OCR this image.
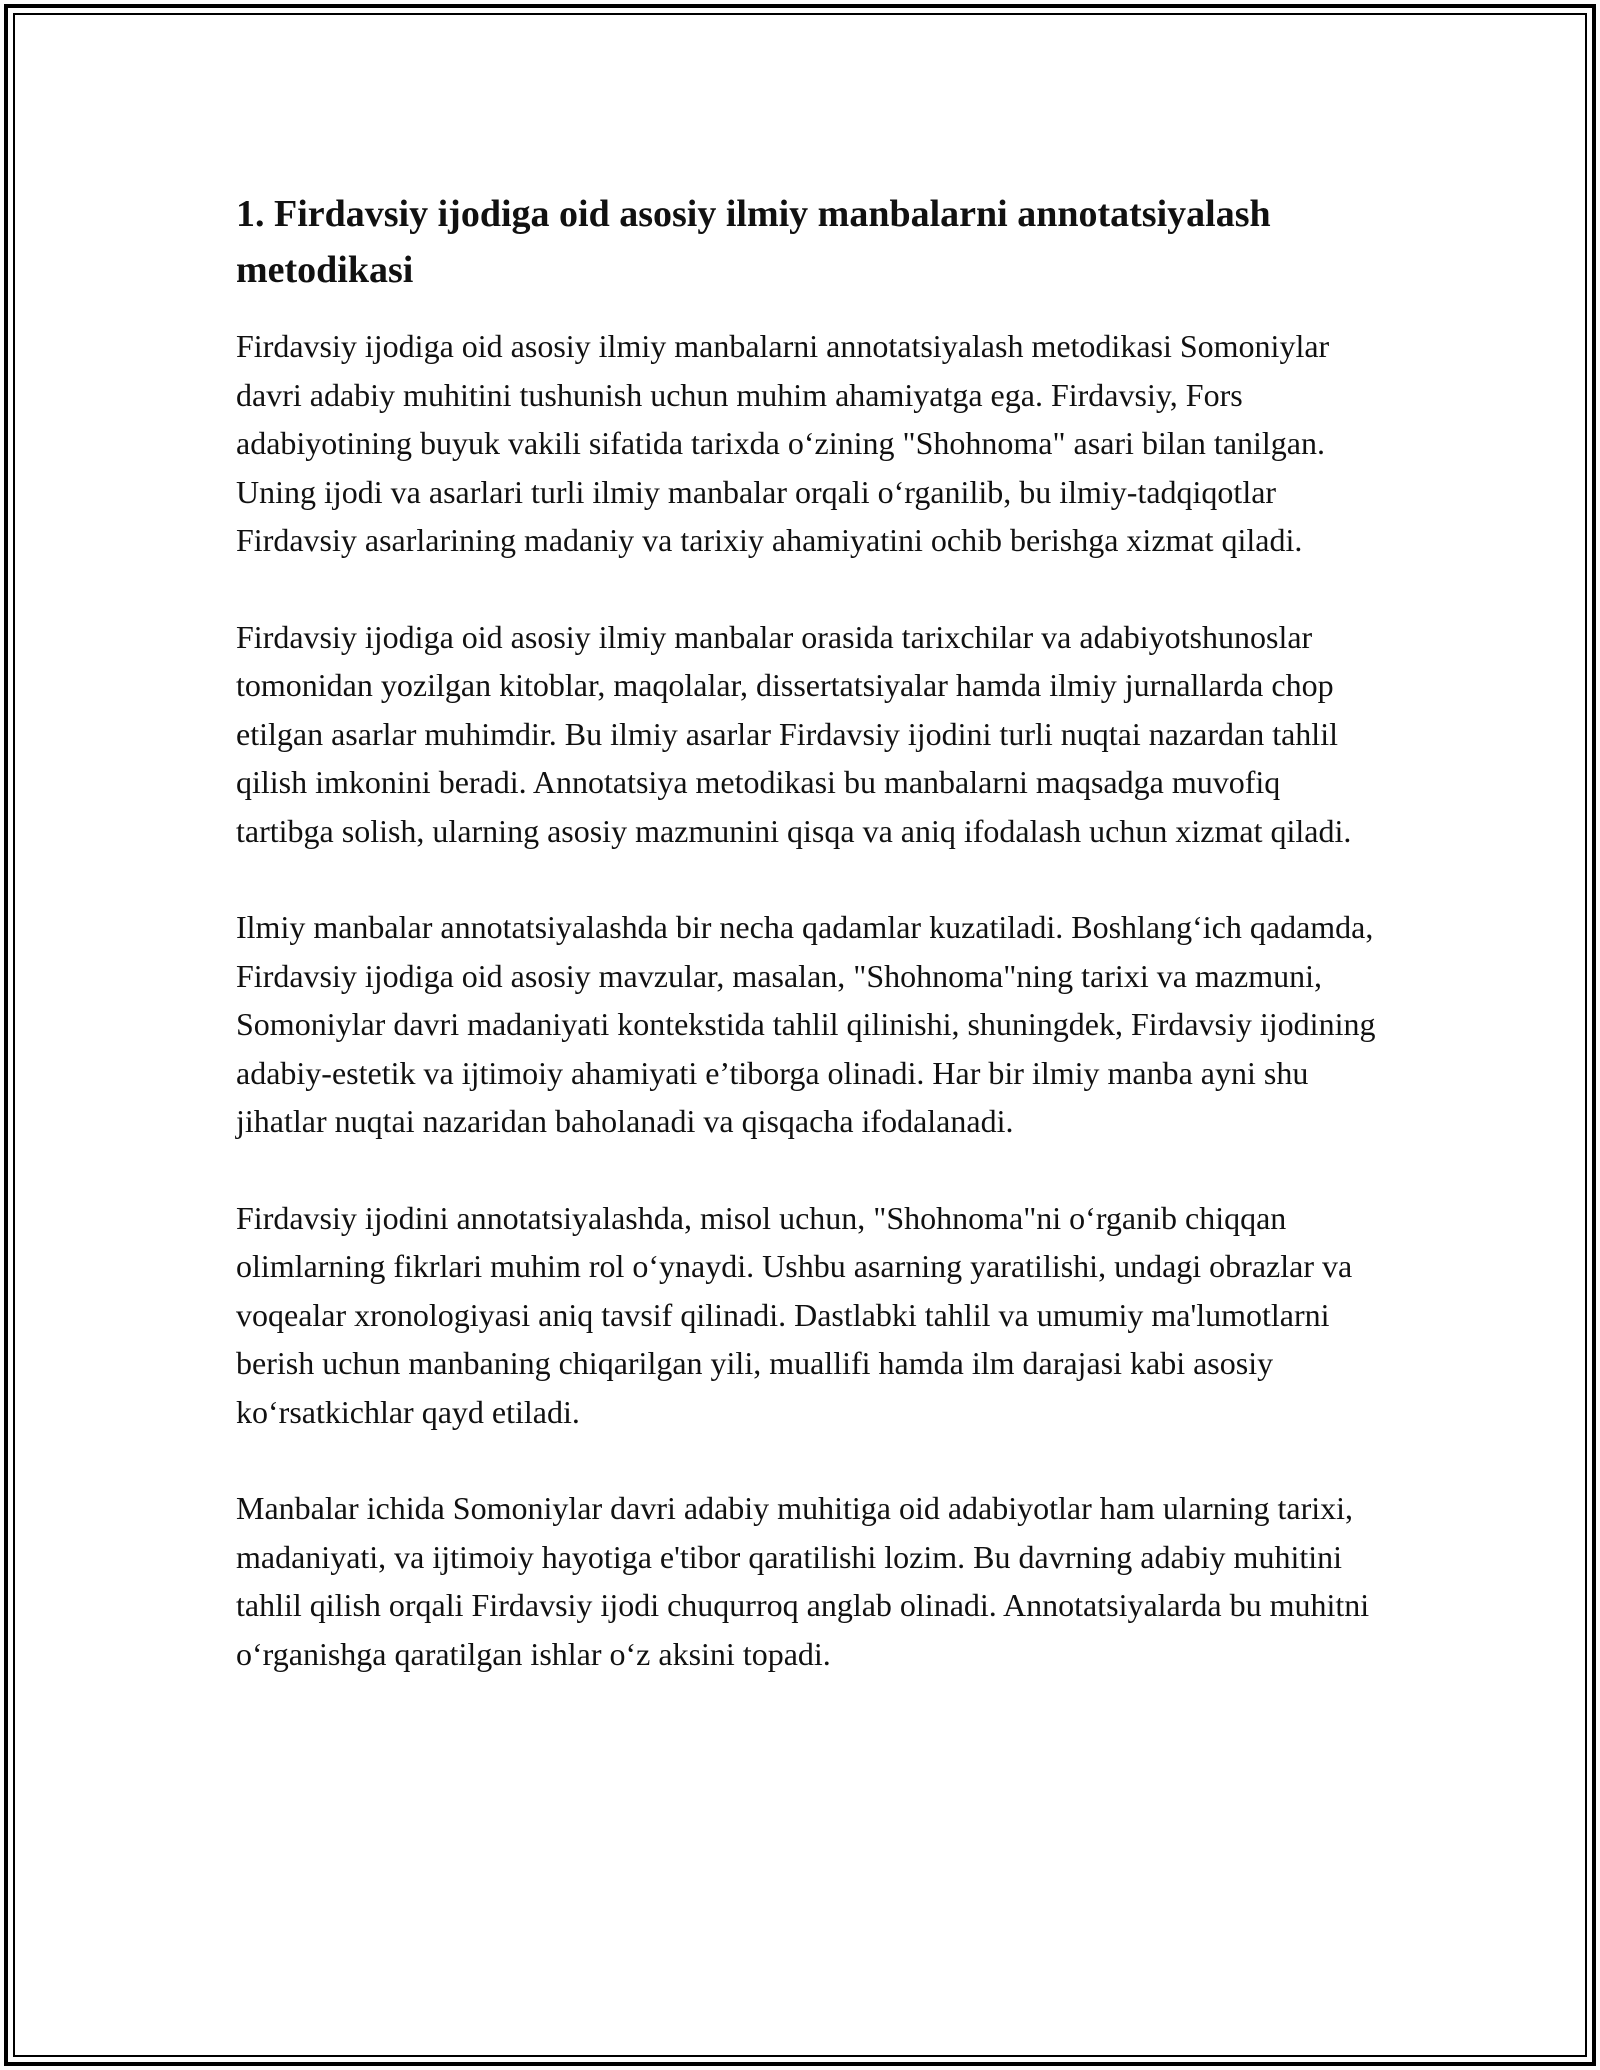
1. Firdavsiy ijodiga oid asosiy ilmiy manbalarni annotatsiyalash metodikasi

Firdavsiy ijodiga oid asosiy ilmiy manbalarni annotatsiyalash metodikasi Somoniylar davri adabiy muhitini tushunish uchun muhim ahamiyatga ega. Firdavsiy, Fors adabiyotining buyuk vakili sifatida tarixda o‘zining "Shohnoma" asari bilan tanilgan. Uning ijodi va asarlari turli ilmiy manbalar orqali o‘rganilib, bu ilmiy-tadqiqotlar Firdavsiy asarlarining madaniy va tarixiy ahamiyatini ochib berishga xizmat qiladi.

Firdavsiy ijodiga oid asosiy ilmiy manbalar orasida tarixchilar va adabiyotshunoslar tomonidan yozilgan kitoblar, maqolalar, dissertatsiyalar hamda ilmiy jurnallarda chop etilgan asarlar muhimdir. Bu ilmiy asarlar Firdavsiy ijodini turli nuqtai nazardan tahlil qilish imkonini beradi. Annotatsiya metodikasi bu manbalarni maqsadga muvofiq tartibga solish, ularning asosiy mazmunini qisqa va aniq ifodalash uchun xizmat qiladi.

Ilmiy manbalar annotatsiyalashda bir necha qadamlar kuzatiladi. Boshlang‘ich qadamda, Firdavsiy ijodiga oid asosiy mavzular, masalan, "Shohnoma"ning tarixi va mazmuni, Somoniylar davri madaniyati kontekstida tahlil qilinishi, shuningdek, Firdavsiy ijodining adabiy-estetik va ijtimoiy ahamiyati e’tiborga olinadi. Har bir ilmiy manba ayni shu jihatlar nuqtai nazaridan baholanadi va qisqacha ifodalanadi.

Firdavsiy ijodini annotatsiyalashda, misol uchun, "Shohnoma"ni o‘rganib chiqqan olimlarning fikrlari muhim rol o‘ynaydi. Ushbu asarning yaratilishi, undagi obrazlar va voqealar xronologiyasi aniq tavsif qilinadi. Dastlabki tahlil va umumiy ma'lumotlarni berish uchun manbaning chiqarilgan yili, muallifi hamda ilm darajasi kabi asosiy ko‘rsatkichlar qayd etiladi.

Manbalar ichida Somoniylar davri adabiy muhitiga oid adabiyotlar ham ularning tarixi, madaniyati, va ijtimoiy hayotiga e'tibor qaratilishi lozim. Bu davrning adabiy muhitini tahlil qilish orqali Firdavsiy ijodi chuqurroq anglab olinadi. Annotatsiyalarda bu muhitni o‘rganishga qaratilgan ishlar o‘z aksini topadi.
